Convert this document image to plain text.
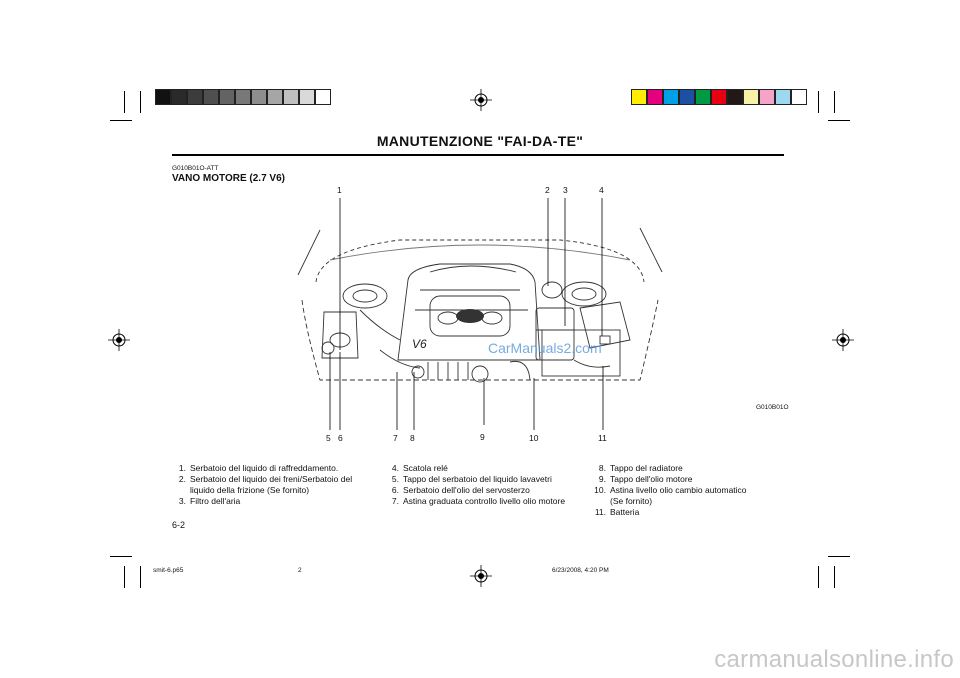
MANUTENZIONE "FAI-DA-TE"
G010B01O-ATT
VANO MOTORE (2.7 V6)
V6
1	2 3	4
5 6	7 8	9	10	11
CarManuals2.com
G010B01O
1. Serbatoio del liquido di raffreddamento.
2. Serbatoio del liquido dei freni/Serbatoio del
liquido della frizione (Se fornito)
3. Filtro dell'aria
4. Scatola relé
5. Tappo del serbatoio del liquido lavavetri
6. Serbatoio dell'olio del servosterzo
7. Astina graduata controllo livello olio motore
8. Tappo del radiatore
9. Tappo dell'olio motore
10. Astina livello olio cambio automatico
(Se fornito)
11. Batteria
6-2
smit-6.p65	2	6/23/2008, 4:20 PM
carmanualsonline.info
